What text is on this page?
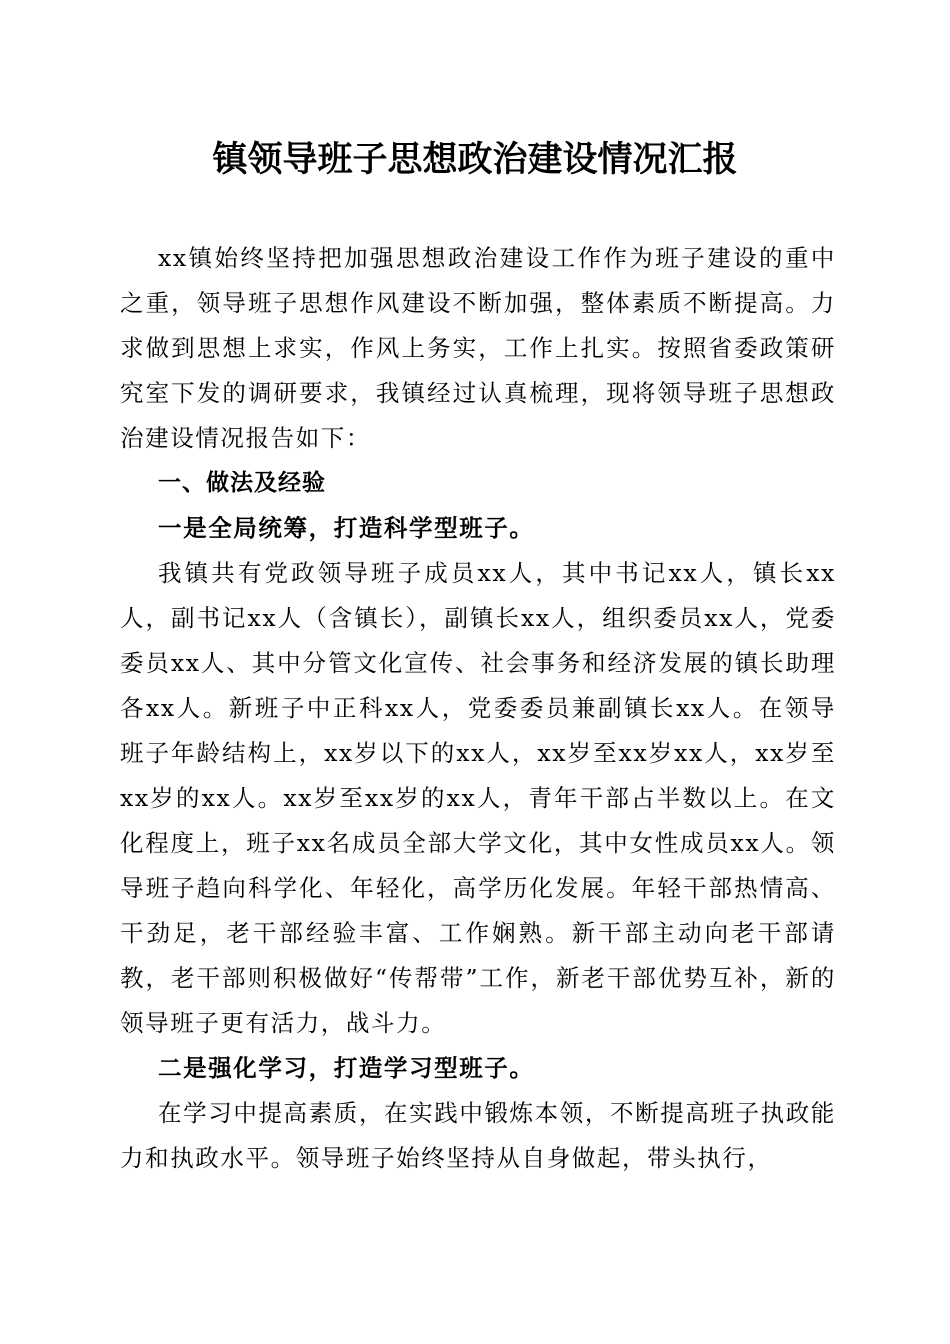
镇领导班子思想政治建设情况汇报

xx镇始终坚持把加强思想政治建设工作作为班子建设的重中之重，领导班子思想作风建设不断加强，整体素质不断提高。力求做到思想上求实，作风上务实，工作上扎实。按照省委政策研究室下发的调研要求，我镇经过认真梳理，现将领导班子思想政治建设情况报告如下：

一、做法及经验

一是全局统筹，打造科学型班子。

我镇共有党政领导班子成员xx人，其中书记xx人，镇长xx人，副书记xx人（含镇长），副镇长xx人，组织委员xx人，党委委员xx人、其中分管文化宣传、社会事务和经济发展的镇长助理各xx人。新班子中正科xx人，党委委员兼副镇长xx人。在领导班子年龄结构上，xx岁以下的xx人，xx岁至xx岁xx人，xx岁至xx岁的xx人。xx岁至xx岁的xx人，青年干部占半数以上。在文化程度上，班子xx名成员全部大学文化，其中女性成员xx人。领导班子趋向科学化、年轻化，高学历化发展。年轻干部热情高、干劲足，老干部经验丰富、工作娴熟。新干部主动向老干部请教，老干部则积极做好“传帮带”工作，新老干部优势互补，新的领导班子更有活力，战斗力。

二是强化学习，打造学习型班子。

在学习中提高素质，在实践中锻炼本领，不断提高班子执政能力和执政水平。领导班子始终坚持从自身做起，带头执行，
